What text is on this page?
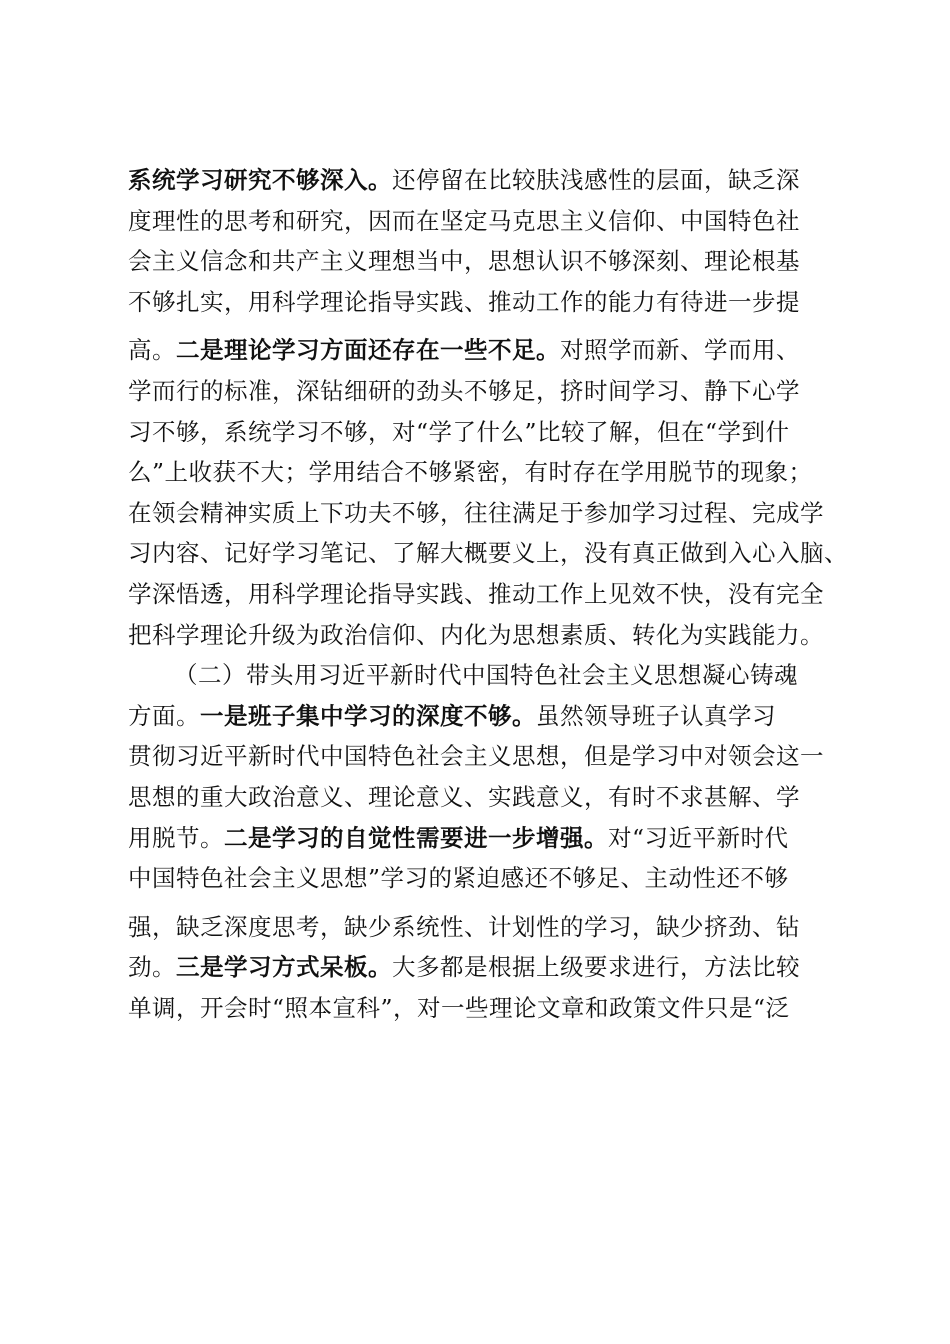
系统学习研究不够深入。还停留在比较肤浅感性的层面，缺乏深
度理性的思考和研究，因而在坚定马克思主义信仰、中国特色社
会主义信念和共产主义理想当中，思想认识不够深刻、理论根基
不够扎实，用科学理论指导实践、推动工作的能力有待进一步提
高。二是理论学习方面还存在一些不足。对照学而新、学而用、
学而行的标准，深钻细研的劲头不够足，挤时间学习、静下心学
习不够，系统学习不够，对“学了什么”比较了解，但在“学到什
么”上收获不大；学用结合不够紧密，有时存在学用脱节的现象；
在领会精神实质上下功夫不够，往往满足于参加学习过程、完成学
习内容、记好学习笔记、了解大概要义上，没有真正做到入心入脑、
学深悟透，用科学理论指导实践、推动工作上见效不快，没有完全
把科学理论升级为政治信仰、内化为思想素质、转化为实践能力。
（二）带头用习近平新时代中国特色社会主义思想凝心铸魂
方面。一是班子集中学习的深度不够。虽然领导班子认真学习
贯彻习近平新时代中国特色社会主义思想，但是学习中对领会这一
思想的重大政治意义、理论意义、实践意义，有时不求甚解、学
用脱节。二是学习的自觉性需要进一步增强。对“习近平新时代
中国特色社会主义思想”学习的紧迫感还不够足、主动性还不够
强，缺乏深度思考，缺少系统性、计划性的学习，缺少挤劲、钻
劲。三是学习方式呆板。大多都是根据上级要求进行，方法比较
单调，开会时“照本宣科”，对一些理论文章和政策文件只是“泛
